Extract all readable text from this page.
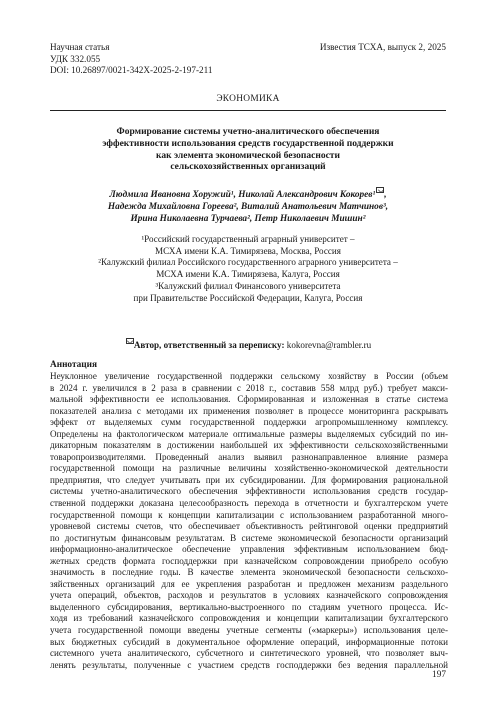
Научная статья
УДК 332.055
DOI: 10.26897/0021-342X-2025-2-197-211
Известия ТСХА, выпуск 2, 2025
ЭКОНОМИКА
Формирование системы учетно-аналитического обеспечения
эффективности использования средств государственной поддержки
как элемента экономической безопасности
сельскохозяйственных организаций
Людмила Ивановна Хоружий¹, Николай Александрович Кокорев¹ ,
Надежда Михайловна Гореева², Виталий Анатольевич Матчинов³,
Ирина Николаевна Турчаева², Петр Николаевич Мишин²
¹Российский государственный аграрный университет –
МСХА имени К.А. Тимирязева, Москва, Россия
²Калужский филиал Российского государственного аграрного университета –
МСХА имени К.А. Тимирязева, Калуга, Россия
³Калужский филиал Финансового университета
при Правительстве Российской Федерации, Калуга, Россия
Автор, ответственный за переписку: kokorevna@rambler.ru
Аннотация
Неуклонное увеличение государственной поддержки сельскому хозяйству в России (объем
в 2024 г. увеличился в 2 раза в сравнении с 2018 г., составив 558 млрд руб.) требует макси-
мальной эффективности ее использования. Сформированная и изложенная в статье система
показателей анализа с методами их применения позволяет в процессе мониторинга раскрывать
эффект от выделяемых сумм государственной поддержки агропромышленному комплексу.
Определены на фактологическом материале оптимальные размеры выделяемых субсидий по ин-
дикаторным показателям в достижении наибольшей их эффективности сельскохозяйственными
товаропроизводителями. Проведенный анализ выявил разнонаправленное влияние размера
государственной помощи на различные величины хозяйственно-экономической деятельности
предприятия, что следует учитывать при их субсидировании. Для формирования рациональной
системы учетно-аналитического обеспечения эффективности использования средств государ-
ственной поддержки доказана целесообразность перехода в отчетности и бухгалтерском учете
государственной помощи к концепции капитализации с использованием разработанной много-
уровневой системы счетов, что обеспечивает объективность рейтинговой оценки предприятий
по достигнутым финансовым результатам. В системе экономической безопасности организаций
информационно-аналитическое обеспечение управления эффективным использованием бюд-
жетных средств формата господдержки при казначейском сопровождении приобрело особую
значимость в последние годы. В качестве элемента экономической безопасности сельскохо-
зяйственных организаций для ее укрепления разработан и предложен механизм раздельного
учета операций, объектов, расходов и результатов в условиях казначейского сопровождения
выделенного субсидирования, вертикально-выстроенного по стадиям учетного процесса. Ис-
ходя из требований казначейского сопровождения и концепции капитализации бухгалтерского
учета государственной помощи введены учетные сегменты («маркеры») использования целе-
вых бюджетных субсидий в документальное оформление операций, информационные потоки
системного учета аналитического, субсчетного и синтетического уровней, что позволяет выч-
ленять результаты, полученные с участием средств господдержки без ведения параллельной
197
